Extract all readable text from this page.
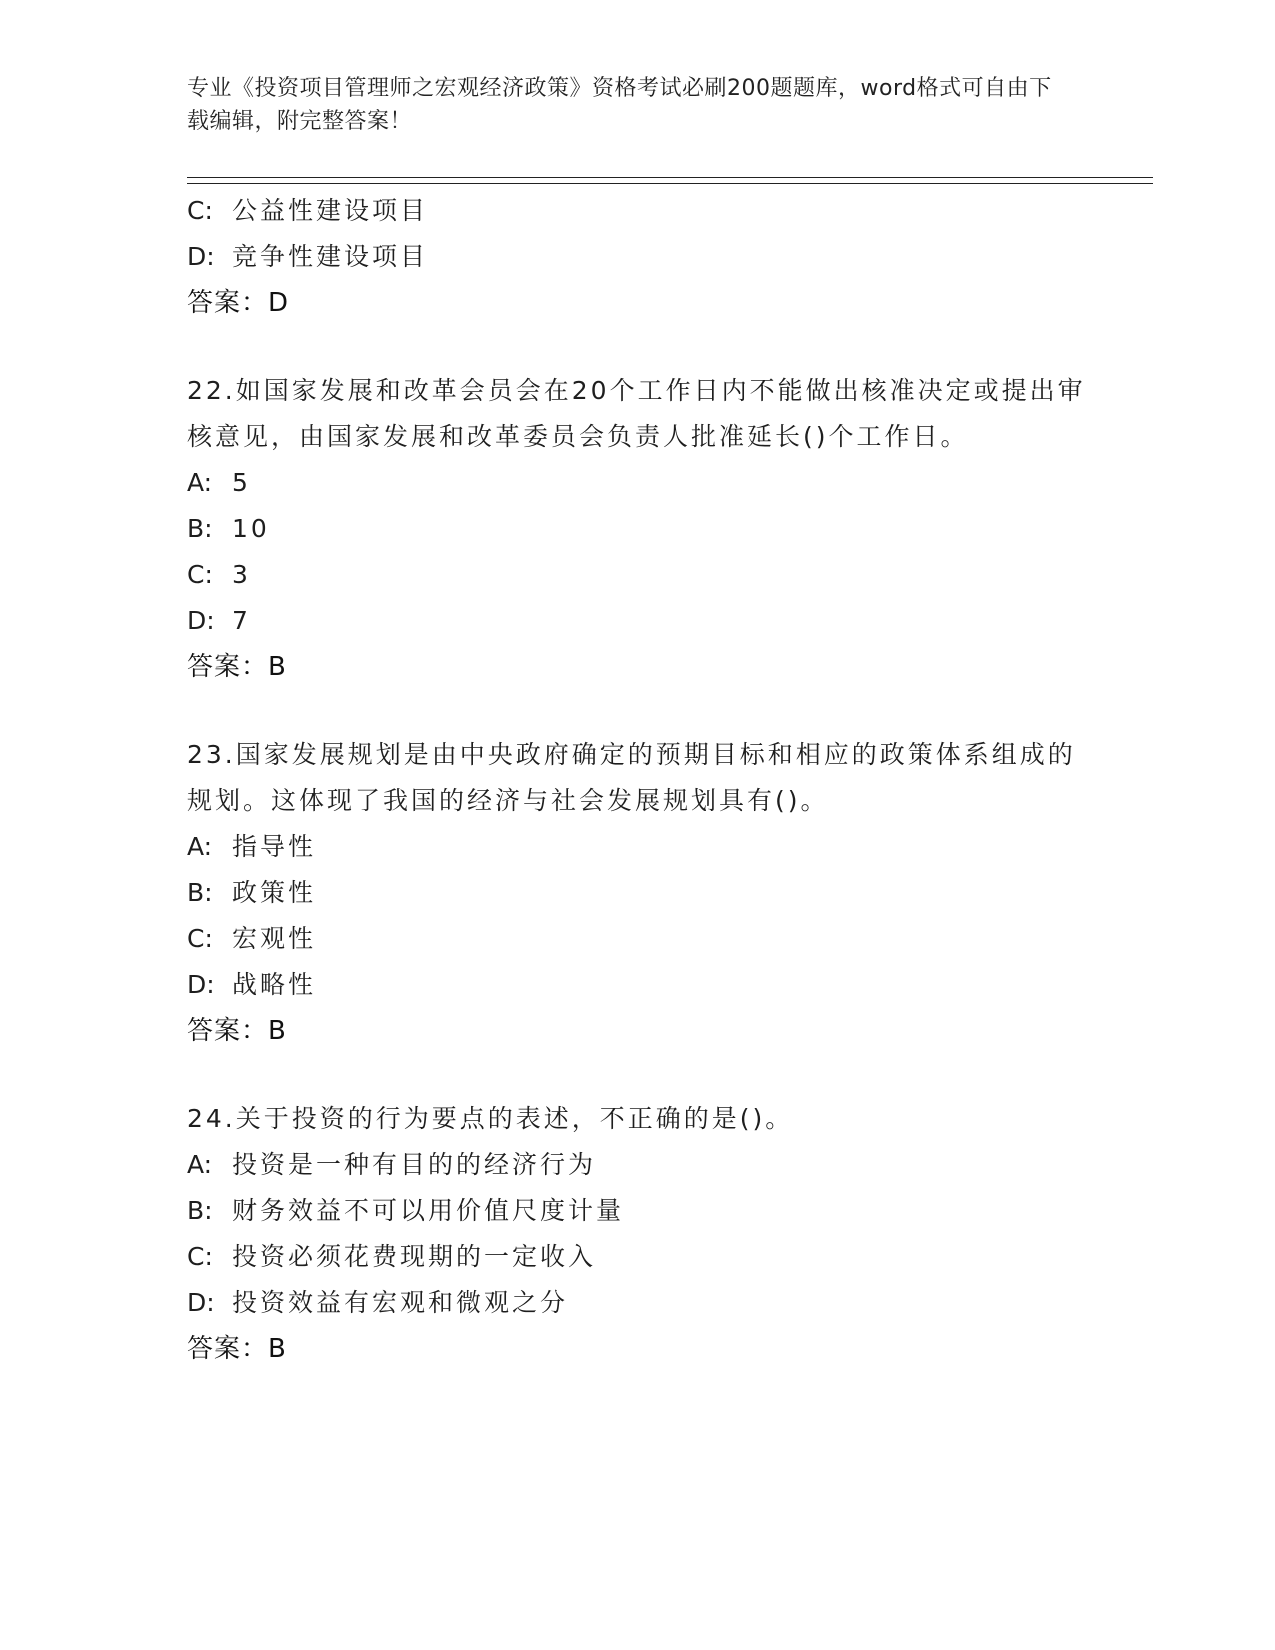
专业《投资项目管理师之宏观经济政策》资格考试必刷200题题库，word格式可自由下载编辑，附完整答案！
C: 公益性建设项目
D: 竞争性建设项目
答案：D
22.如国家发展和改革会员会在20个工作日内不能做出核准决定或提出审核意见，由国家发展和改革委员会负责人批准延长()个工作日。
A: 5
B: 10
C: 3
D: 7
答案：B
23.国家发展规划是由中央政府确定的预期目标和相应的政策体系组成的规划。这体现了我国的经济与社会发展规划具有()。
A: 指导性
B: 政策性
C: 宏观性
D: 战略性
答案：B
24.关于投资的行为要点的表述，不正确的是()。
A: 投资是一种有目的的经济行为
B: 财务效益不可以用价值尺度计量
C: 投资必须花费现期的一定收入
D: 投资效益有宏观和微观之分
答案：B
